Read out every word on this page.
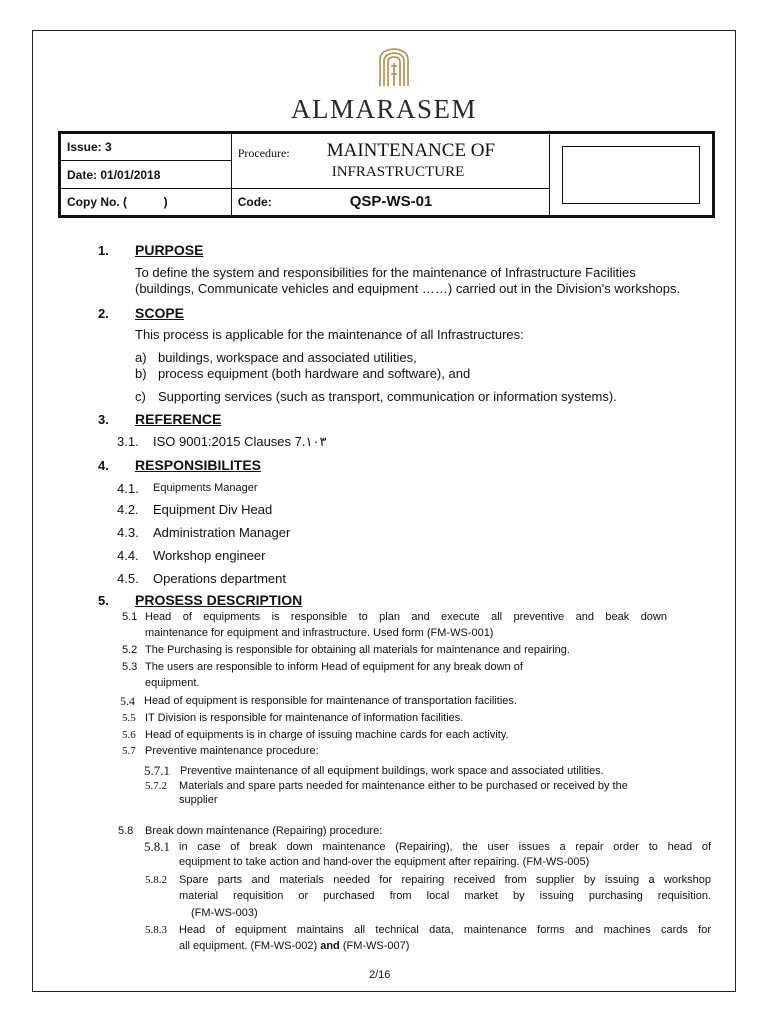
ALMARASEM
Issue: 3	Procedure: MAINTENANCE OF
INFRASTRUCTURE	

Date: 01/01/2018		
Copy No. (           )	Code: QSP-WS-01	
1. PURPOSE
To define the system and responsibilities for the maintenance of Infrastructure Facilities
(buildings, Communicate vehicles and equipment ……) carried out in the Division's workshops.
2. SCOPE
This process is applicable for the maintenance of all Infrastructures:
a) buildings, workspace and associated utilities,
b) process equipment (both hardware and software), and
c) Supporting services (such as transport, communication or information systems).
3. REFERENCE
3.1. ISO 9001:2015 Clauses 7.١٠٣
4. RESPONSIBILITES
4.1. Equipments Manager
4.2. Equipment Div Head
4.3. Administration Manager
4.4. Workshop engineer
4.5. Operations department
5. PROSESS DESCRIPTION
5.1 Head of equipments is responsible to plan and execute all preventive and beak down
maintenance for equipment and infrastructure. Used form (FM-WS-001)
5.2 The Purchasing is responsible for obtaining all materials for maintenance and repairing.
5.3 The users are responsible to inform Head of equipment for any break down of
equipment.
5.4 Head of equipment is responsible for maintenance of transportation facilities.
5.5 IT Division is responsible for maintenance of information facilities.
5.6 Head of equipments is in charge of issuing machine cards for each activity.
5.7 Preventive maintenance procedure:
5.7.1 Preventive maintenance of all equipment buildings, work space and associated utilities.
5.7.2 Materials and spare parts needed for maintenance either to be purchased or received by the
supplier
5.8 Break down maintenance (Repairing) procedure:
5.8.1 in case of break down maintenance (Repairing), the user issues a repair order to head of
equipment to take action and hand-over the equipment after repairing. (FM-WS-005)
5.8.2 Spare parts and materials needed for repairing received from supplier by issuing a workshop
material requisition or purchased from local market by issuing purchasing requisition.
(FM-WS-003)
5.8.3 Head of equipment maintains all technical data, maintenance forms and machines cards for
all equipment. (FM-WS-002) and (FM-WS-007)
2/16
